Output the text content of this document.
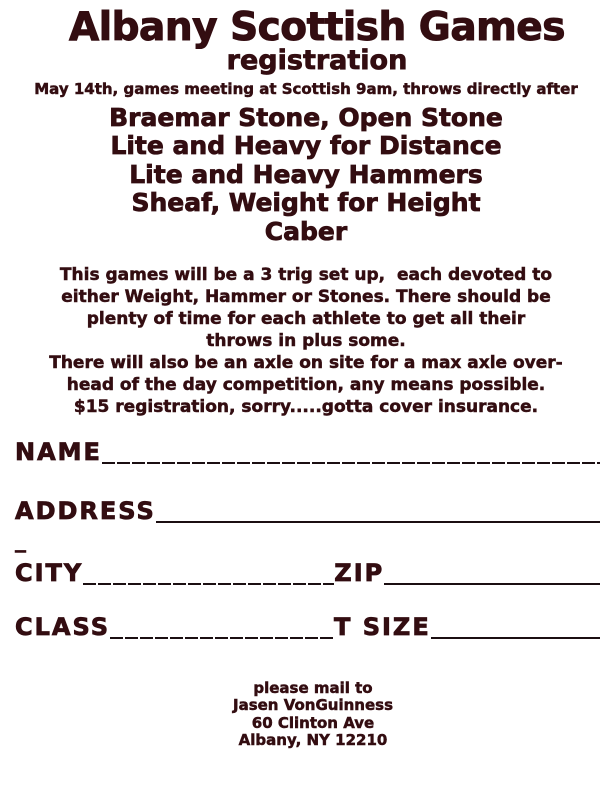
Albany Scottish Games
registration
May 14th, games meeting at Scottish 9am, throws directly after
Braemar Stone, Open Stone
Lite and Heavy for Distance
Lite and Heavy Hammers
Sheaf, Weight for Height
Caber
This games will be a 3 trig set up,  each devoted to
either Weight, Hammer or Stones. There should be
plenty of time for each athlete to get all their
throws in plus some.
There will also be an axle on site for a max axle over-
head of the day competition, any means possible.
$15 registration, sorry.....gotta cover insurance.
NAME
ADDRESS
_
CITY	ZIP
CLASS	T SIZE
please mail to
Jasen VonGuinness
60 Clinton Ave
Albany, NY 12210
